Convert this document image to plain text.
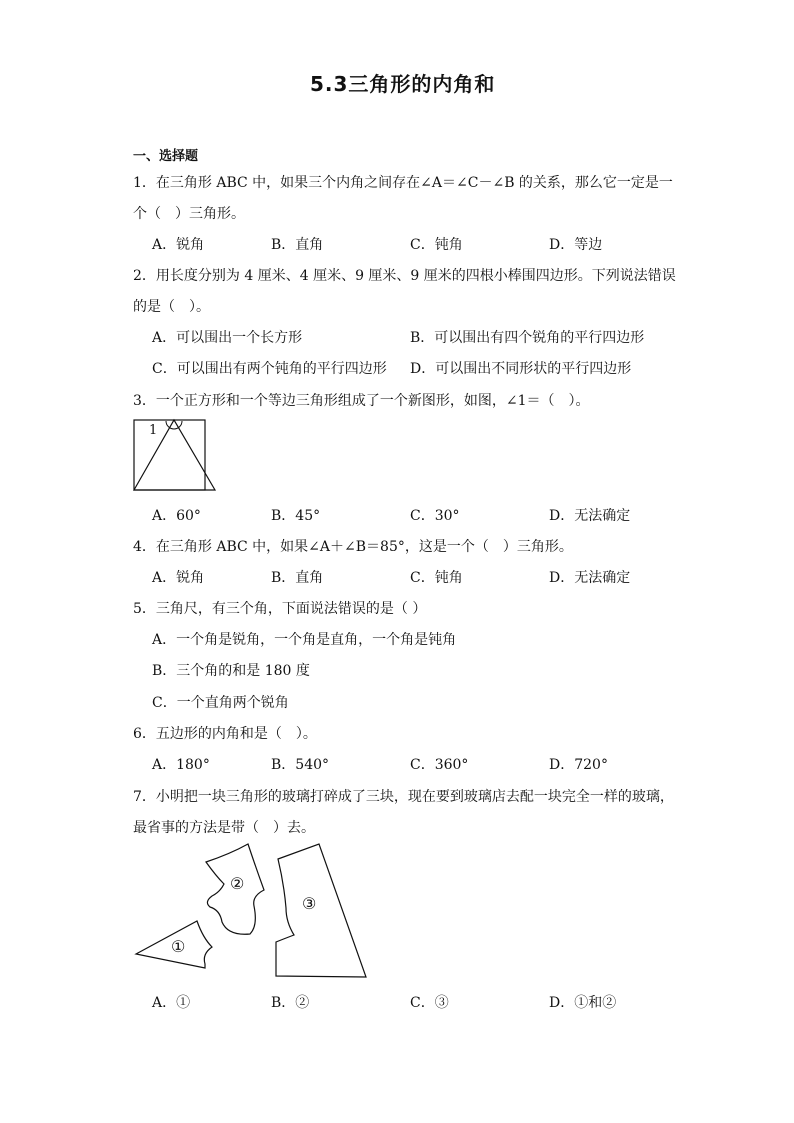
5.3三角形的内角和
一、选择题
1．在三角形 ABC 中，如果三个内角之间存在∠A＝∠C－∠B 的关系，那么它一定是一
个（　）三角形。
A．锐角	B．直角	C．钝角	D．等边
2．用长度分别为 4 厘米、4 厘米、9 厘米、9 厘米的四根小棒围四边形。下列说法错误
的是（　）。
A．可以围出一个长方形	B．可以围出有四个锐角的平行四边形
C．可以围出有两个钝角的平行四边形 D．可以围出不同形状的平行四边形
3．一个正方形和一个等边三角形组成了一个新图形，如图，∠1＝（　）。
1
A．60°	B．45°	C．30°	D．无法确定
4．在三角形 ABC 中，如果∠A＋∠B＝85°，这是一个（　）三角形。
A．锐角	B．直角	C．钝角	D．无法确定
5．三角尺，有三个角，下面说法错误的是（ ）
A．一个角是锐角，一个角是直角，一个角是钝角
B．三个角的和是 180 度
C．一个直角两个锐角
6．五边形的内角和是（　）。
A．180°	B．540°	C．360°	D．720°
7．小明把一块三角形的玻璃打碎成了三块，现在要到玻璃店去配一块完全一样的玻璃，
最省事的方法是带（　）去。
①
②
③
A．①	B．②	C．③	D．①和②
